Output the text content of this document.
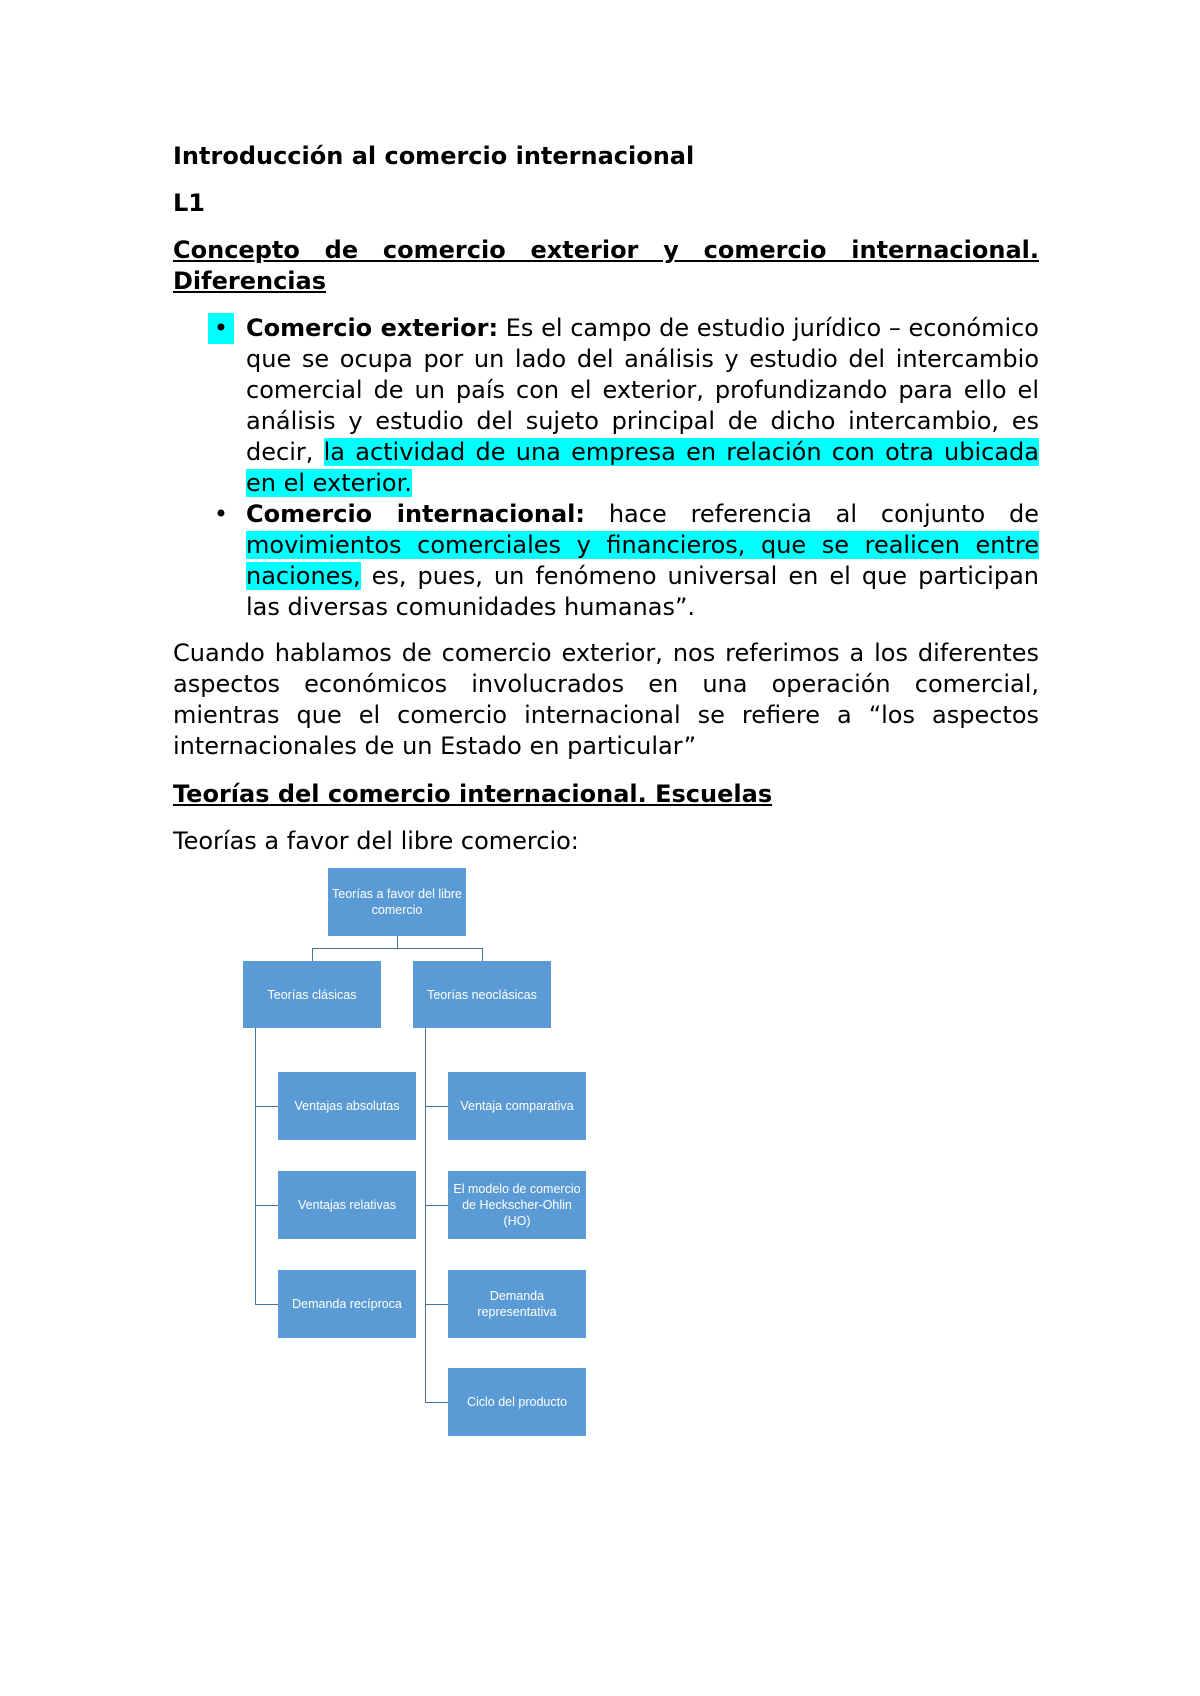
Introducción al comercio internacional
L1
Concepto de comercio exterior y comercio internacional. Diferencias
• Comercio exterior: Es el campo de estudio jurídico – económico que se ocupa por un lado del análisis y estudio del intercambio comercial de un país con el exterior, profundizando para ello el análisis y estudio del sujeto principal de dicho intercambio, es decir, la actividad de una empresa en relación con otra ubicada en el exterior.
• Comercio internacional: hace referencia al conjunto de movimientos comerciales y financieros, que se realicen entre naciones, es, pues, un fenómeno universal en el que participan las diversas comunidades humanas”.
Cuando hablamos de comercio exterior, nos referimos a los diferentes aspectos económicos involucrados en una operación comercial, mientras que el comercio internacional se refiere a “los aspectos internacionales de un Estado en particular”
Teorías del comercio internacional. Escuelas
Teorías a favor del libre comercio:
Teorías a favor del libre comercio
Teorías clásicas	Teorías neoclásicas
Ventajas absolutas
Ventajas relativas
Demanda recíproca
Ventaja comparativa
El modelo de comercio de Heckscher-Ohlin (HO)
Demanda representativa
Ciclo del producto
